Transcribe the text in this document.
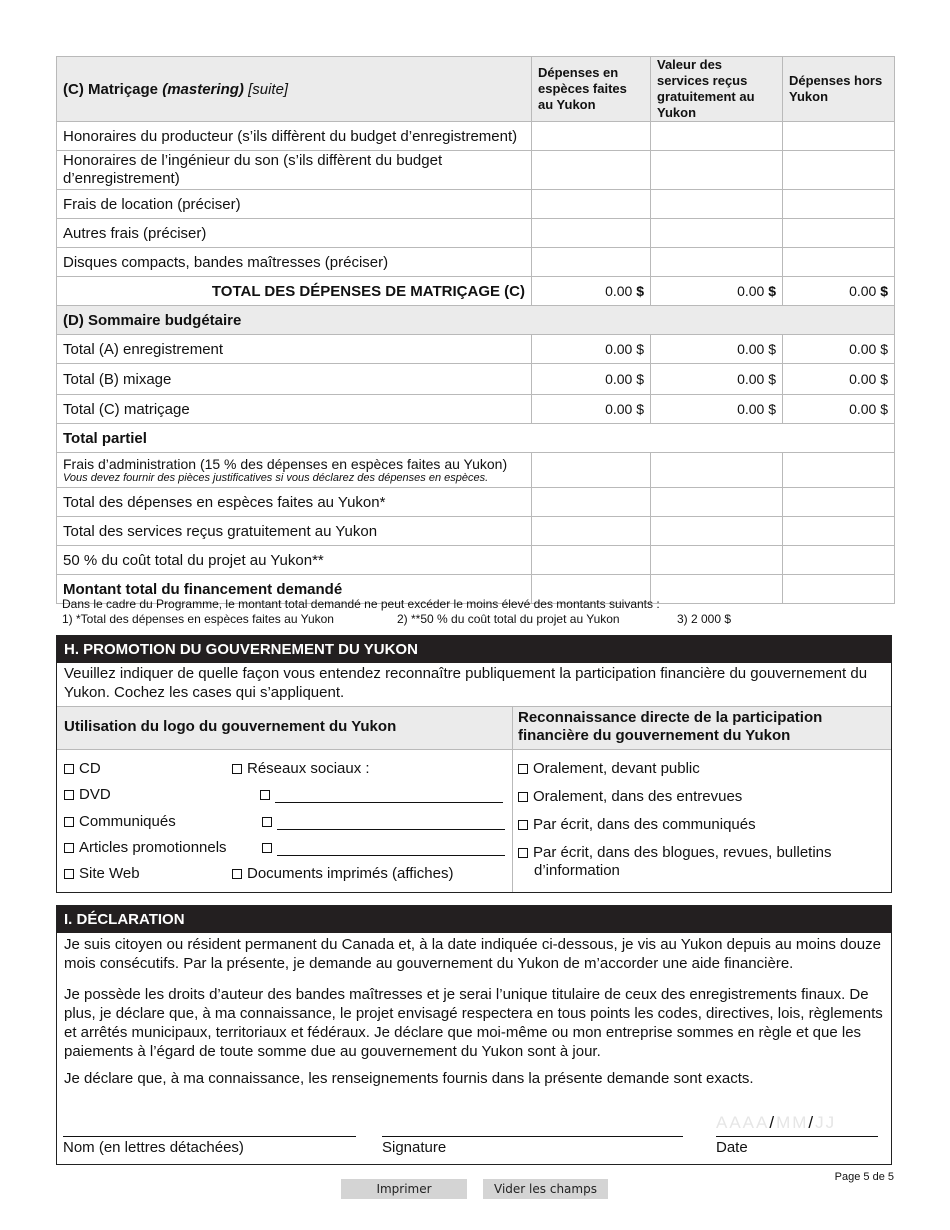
(C) Matriçage (mastering) [suite]	Dépenses en espèces faites au Yukon	Valeur des services reçus gratuitement au Yukon	Dépenses hors Yukon
Honoraires du producteur (s’ils diffèrent du budget d’enregistrement)			
Honoraires de l’ingénieur du son (s’ils diffèrent du budget d’enregistrement)			
Frais de location (préciser)			
Autres frais (préciser)			
Disques compacts, bandes maîtresses (préciser)			
TOTAL DES DÉPENSES DE MATRIÇAGE (C)	0.00 $	0.00 $	0.00 $
(D) Sommaire budgétaire			
Total (A) enregistrement	0.00 $	0.00 $	0.00 $
Total (B) mixage	0.00 $	0.00 $	0.00 $
Total (C) matriçage	0.00 $	0.00 $	0.00 $
Total partiel			

Frais d’administration (15 % des dépenses en espèces faites au Yukon)
Vous devez fournir des pièces justificatives si vous déclarez des dépenses en espèces.			

Total des dépenses en espèces faites au Yukon*			
Total des services reçus gratuitement au Yukon			
50 % du coût total du projet au Yukon**			
Montant total du financement demandé			
Dans le cadre du Programme, le montant total demandé ne peut excéder le moins élevé des montants suivants :
1) *Total des dépenses en espèces faites au Yukon	2) **50 % du coût total du projet au Yukon	3) 2 000 $
H. PROMOTION DU GOUVERNEMENT DU YUKON
Veuillez indiquer de quelle façon vous entendez reconnaître publiquement la participation financière du gouvernement du Yukon. Cochez les cases qui s’appliquent.
Utilisation du logo du gouvernement du Yukon
Reconnaissance directe de la participation financière du gouvernement du Yukon
CD
DVD
Communiqués
Articles promotionnels
Site Web
Réseaux sociaux :
Documents imprimés (affiches)
Oralement, devant public
Oralement, dans des entrevues
Par écrit, dans des communiqués
Par écrit, dans des blogues, revues, bulletins d’information
I. DÉCLARATION
Je suis citoyen ou résident permanent du Canada et, à la date indiquée ci-dessous, je vis au Yukon depuis au moins douze mois consécutifs. Par la présente, je demande au gouvernement du Yukon de m’accorder une aide financière.
Je possède les droits d’auteur des bandes maîtresses et je serai l’unique titulaire de ceux des enregistrements finaux. De plus, je déclare que, à ma connaissance, le projet envisagé respectera en tous points les codes, directives, lois, règlements et arrêtés municipaux, territoriaux et fédéraux. Je déclare que moi-même ou mon entreprise sommes en règle et que les paiements à l’égard de toute somme due au gouvernement du Yukon sont à jour.
Je déclare que, à ma connaissance, les renseignements fournis dans la présente demande sont exacts.
Nom (en lettres détachées)	Signature
AAAA/MM/JJ
Date
Page 5 de 5
Imprimer	Vider les champs
